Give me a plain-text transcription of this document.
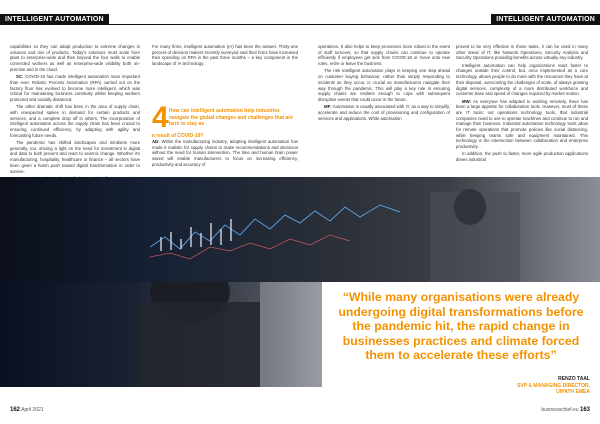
INTELLIGENT AUTOMATION	INTELLIGENT AUTOMATION

capabilities so they can adapt production to extreme changes in volumes and mix of products. Today's solutions must scale from plant to enterprise-wide and then beyond the four walls to enable connected workers as well as enterprise-wide visibility both on-premise and in the cloud.

SC: COVID-19 has made intelligent automation more important than ever. Robotic Process Automation (RPA) carried out on the factory floor has evolved to become more intelligent, which was critical for maintaining business continuity whilst keeping workers protected and socially distanced.

The other dramatic shift has been in the area of supply chain, with unexpected spikes in demand for certain products and services, and a complete drop off in others. The incorporation of intelligent automation across the supply chain has been crucial to ensuring continued efficiency, by adapting with agility and forecasting future needs.

The pandemic has shifted landscapes and mindsets more generally, too, shining a light on the need for investment in digital and data to both prevent and react to seismic change. Whether it's manufacturing, hospitality, healthcare or finance – all sectors have been given a harsh push toward digital transformation in order to survive.

For many firms, intelligent automation (IA) has been the answer. Thirty-one percent of decision makers recently surveyed said their firms have increased their spending on RPA in the past three months – a key component in the landscape of IA technology.

4 How can intelligent automation help industries navigate the global changes and challenges that are here to stay as
a result of COVID-19?

AD: Within the manufacturing industry, adopting intelligent automation has made it realistic for supply chains to make recommendations and decisions without the need for human intervention. The time and human brain power saved will enable manufacturers to focus on increasing efficiency, productivity and accuracy of

operations. It also helps to keep processes more robust in the event of staff turnover, so that supply chains can continue to operate efficiently if employees get sick from COVID-19 or move onto new roles, retire or leave the business.

The role intelligent automation plays in keeping one step ahead on customer buying behaviour, rather than simply responding to incidents as they occur, is crucial as manufacturers navigate their way through the pandemic. This will play a key role in ensuring supply chains are resilient enough to cope with subsequent disruptive events that could occur in the future.

MF: Automation is usually associated with IT, as a way to simplify, accelerate and reduce the cost of provisioning and configuration of services and applications. While automation

proved to be very effective in those tasks, it can be used in many other areas of IT, like Network Operations, Security Analysis and Security Operations providing benefits across virtually any industry.

Intelligent automation can help organizations react faster to changes outside their control, but, once implemented as a core technology, allows people to do more with the resources they have at their disposal, overcoming the challenges of scale, of always growing digital services, complexity of a more distributed workforce and customer base and speed of changes required by market motion.

MW: As everyone has adapted to working remotely, there has been a large appetite for collaboration tools. However, most of these are IT tools; not operations technology tools, that industrial companies need to use to operate machines and continue to run and manage their business. Industrial automation technology tools allow for remote operations that promote policies like social distancing, while keeping teams safe and equipment maintained. This technology is the intersection between collaboration and enterprise productivity.

In addition, the push to faster, more agile production applications drives industrial

“While many organisations were already undergoing digital transformations before the pandemic hit, the rapid change in businesses practices and climate forced them to accelerate these efforts”
RENZO TAAL
SVP & MANAGING DIRECTOR,
UIPATH EMEA
162 April 2021	businesschief.eu 163
